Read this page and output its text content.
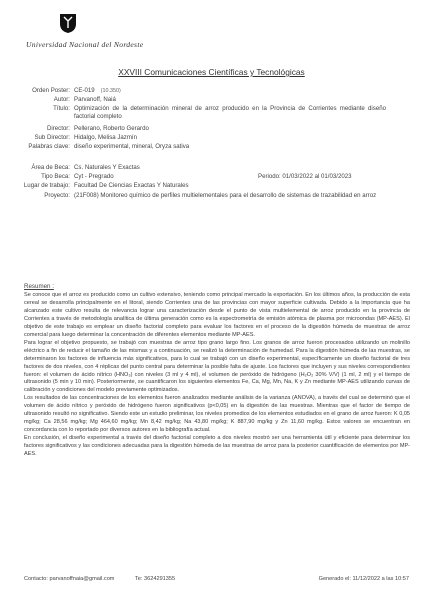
Universidad Nacional del Nordeste
XXVIII Comunicaciones Científicas y Tecnológicas
Orden Poster: CE-019 (10.350)
Autor: Parvanoff, Naiá
Título: Optimización de la determinación mineral de arroz producido en la Provincia de Corrientes mediante diseño factorial completo
Director: Pellerano, Roberto Gerardo
Sub Director: Hidalgo, Melisa Jazmín
Palabras clave: diseño experimental, mineral, Oryza sativa
Área de Beca: Cs. Naturales Y Exactas
Tipo Beca: Cyt - Pregrado	Periodo: 01/03/2022 al 01/03/2023
Lugar de trabajo: Facultad De Ciencias Exactas Y Naturales
Proyecto: (21F008) Monitoreo químico de perfiles multielementales para el desarrollo de sistemas de trazabilidad en arroz
Resumen :

Se conoce que el arroz es producido como un cultivo extensivo, teniendo como principal mercado la exportación. En los últimos años, la producción de esta cereal se desarrolla principalmente en el litoral, siendo Corrientes una de las provincias con mayor superficie cultivada. Debido a la importancia que ha alcanzado este cultivo resulta de relevancia lograr una caracterización desde el punto de vista multielemental de arroz producido en la provincia de Corrientes a través de metodología analítica de última generación como es la espectrometría de emisión atómica de plasma por microondas (MP-AES). El objetivo de este trabajo es emplear un diseño factorial completo para evaluar los factores en el proceso de la digestión húmeda de muestras de arroz comercial para luego determinar la concentración de diferentes elementos mediante MP-AES.

Para lograr el objetivo propuesto, se trabajó con muestras de arroz tipo grano largo fino. Los granos de arroz fueron procesados utilizando un molinillo eléctrico a fin de reducir el tamaño de las mismas y a continuación, se realizó la determinación de humedad. Para la digestión húmeda de las muestras, se determinaron los factores de influencia más significativos, para lo cual se trabajó con un diseño experimental, específicamente un diseño factorial de tres factores de dos niveles, con 4 réplicas del punto central para determinar la posible falta de ajuste. Los factores que incluyen y sus niveles correspondientes fueron: el volumen de ácido nítrico (HNO₃) con niveles (3 ml y 4 ml), el volumen de peróxido de hidrógeno (H₂O₂ 30% V/V) (1 ml, 2 ml) y el tiempo de ultrasonido (5 min y 10 min). Posteriormente, se cuantificaron los siguientes elementos Fe, Ca, Mg, Mn, Na, K y Zn mediante MP-AES utilizando curvas de calibración y condiciones del modelo previamente optimizados.

Los resultados de las concentraciones de los elementos fueron analizados mediante análisis de la varianza (ANOVA), a través del cual se determinó que el volumen de ácido nítrico y peróxido de hidrógeno fueron significativos (p<0,05) en la digestión de las muestras. Mientras que el factor de tiempo de ultrasonido resultó no significativo. Siendo este un estudio preliminar, los niveles promedios de los elementos estudiados en el grano de arroz fueron: K 0,05 mg/kg; Ca 28,56 mg/kg; Mg 464,60 mg/kg; Mn 8,42 mg/kg; Na 43,80 mg/kg; K 887,90 mg/kg y Zn 11,60 mg/kg. Estos valores se encuentran en concordancia con lo reportado por diversos autores en la bibliografía actual.

En conclusión, el diseño experimental a través del diseño factorial completo a dos niveles mostró ser una herramienta útil y eficiente para determinar los factores significativos y las condiciones adecuadas para la digestión húmeda de las muestras de arroz para la posterior cuantificación de elementos por MP-AES.

Contacto: parvanoffnaia@gmail.com	Te: 3624291355	Generado el: 11/12/2022 a las 10:57
